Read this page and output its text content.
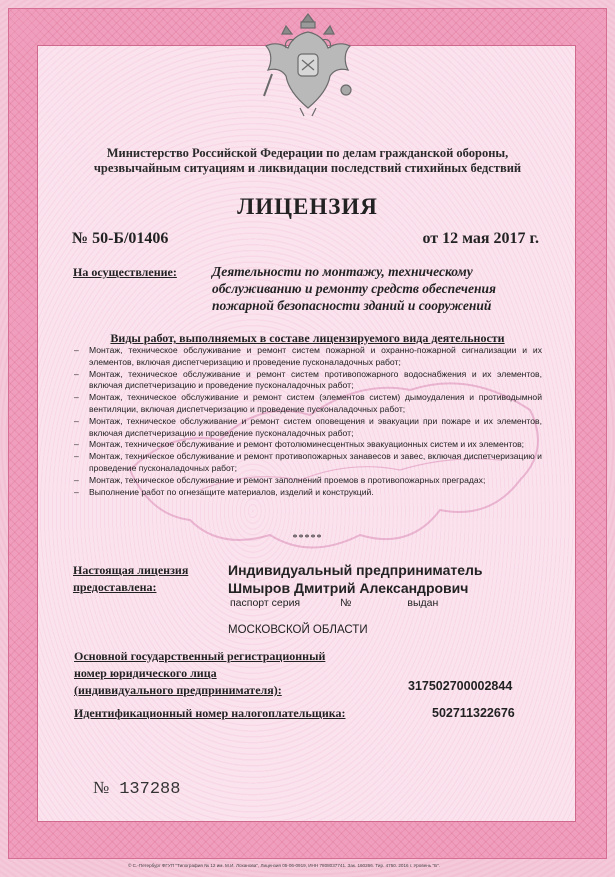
Министерство Российской Федерации по делам гражданской обороны,
чрезвычайным ситуациям и ликвидации последствий стихийных бедствий
ЛИЦЕНЗИЯ
№ 50-Б/01406	от 12 мая 2017 г.
На осуществление:	Деятельности по монтажу, техническому обслуживанию и ремонту средств обеспечения пожарной безопасности зданий и сооружений
Виды работ, выполняемых в составе лицензируемого вида деятельности
– Монтаж, техническое обслуживание и ремонт систем пожарной и охранно-пожарной сигнализации и их элементов, включая диспетчеризацию и проведение пусконаладочных работ;
– Монтаж, техническое обслуживание и ремонт систем противопожарного водоснабжения и их элементов, включая диспетчеризацию и проведение пусконаладочных работ;
– Монтаж, техническое обслуживание и ремонт систем (элементов систем) дымоудаления и противодымной вентиляции, включая диспетчеризацию и проведение пусконаладочных работ;
– Монтаж, техническое обслуживание и ремонт систем оповещения и эвакуации при пожаре и их элементов, включая диспетчеризацию и проведение пусконаладочных работ;
– Монтаж, техническое обслуживание и ремонт фотолюминесцентных эвакуационных систем и их элементов;
– Монтаж, техническое обслуживание и ремонт противопожарных занавесов и завес, включая диспетчеризацию и проведение пусконаладочных работ;
– Монтаж, техническое обслуживание и ремонт заполнений проемов в противопожарных преградах;
– Выполнение работ по огнезащите материалов, изделий и конструкций.
*****
Настоящая лицензия
предоставлена:
Индивидуальный предприниматель
Шмыров Дмитрий Александрович
паспорт серия	№	выдан
МОСКОВСКОЙ ОБЛАСТИ
Основной государственный регистрационный
номер юридического лица
(индивидуального предпринимателя):	317502700002844
Идентификационный номер налогоплательщика:	502711322676
№ 137288
© С.-Петербург ФГУП "Типография № 12 им. М.И. Лоханова", Лицензия 05-06-0919, ИНН 7808037741. Зак. 160266. Тир. 4750. 2016 г. Уровень "Б".
